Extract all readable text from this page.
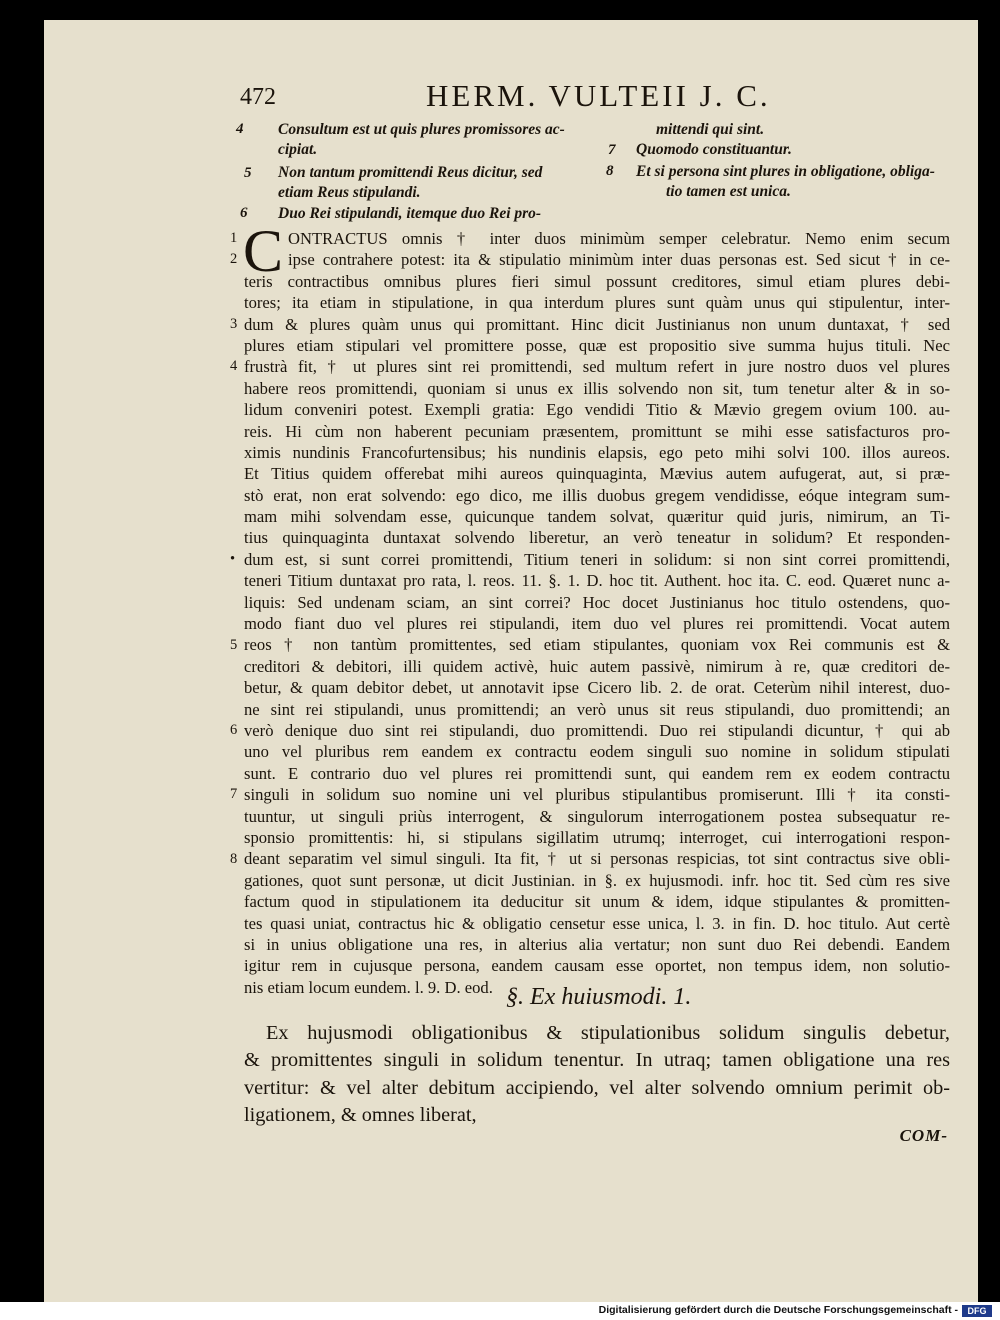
472	HERM. VULTEII J. C.
4 Consultum est ut quis plures promissores ac-
cipiat.
5 Non tantum promittendi Reus dicitur, sed
etiam Reus stipulandi.
6 Duo Rei stipulandi, itemque duo Rei pro-
mittendi qui sint.
7 Quomodo constituantur.
8 Et si persona sint plures in obligatione, obliga-
tio tamen est unica.
C
1
2
3
4
•
5
6
7
8
ONTRACTUS omnis † inter duos minimùm semper celebratur. Nemo enim secum
ipse contrahere potest: ita & stipulatio minimùm inter duas personas est. Sed sicut † in ce-
teris contractibus omnibus plures fieri simul possunt creditores, simul etiam plures debi-
tores; ita etiam in stipulatione, in qua interdum plures sunt quàm unus qui stipulentur, inter-
dum & plures quàm unus qui promittant. Hinc dicit Justinianus non unum duntaxat, † sed
plures etiam stipulari vel promittere posse, quæ est propositio sive summa hujus tituli. Nec
frustrà fit, † ut plures sint rei promittendi, sed multum refert in jure nostro duos vel plures
habere reos promittendi, quoniam si unus ex illis solvendo non sit, tum tenetur alter & in so-
lidum conveniri potest. Exempli gratia: Ego vendidi Titio & Mævio gregem ovium 100. au-
reis. Hi cùm non haberent pecuniam præsentem, promittunt se mihi esse satisfacturos pro-
ximis nundinis Francofurtensibus; his nundinis elapsis, ego peto mihi solvi 100. illos aureos.
Et Titius quidem offerebat mihi aureos quinquaginta, Mævius autem aufugerat, aut, si præ-
stò erat, non erat solvendo: ego dico, me illis duobus gregem vendidisse, eóque integram sum-
mam mihi solvendam esse, quicunque tandem solvat, quæritur quid juris, nimirum, an Ti-
tius quinquaginta duntaxat solvendo liberetur, an verò teneatur in solidum? Et responden-
dum est, si sunt correi promittendi, Titium teneri in solidum: si non sint correi promittendi,
teneri Titium duntaxat pro rata, l. reos. 11. §. 1. D. hoc tit. Authent. hoc ita. C. eod. Quæret nunc a-
liquis: Sed undenam sciam, an sint correi? Hoc docet Justinianus hoc titulo ostendens, quo-
modo fiant duo vel plures rei stipulandi, item duo vel plures rei promittendi. Vocat autem
reos † non tantùm promittentes, sed etiam stipulantes, quoniam vox Rei communis est &
creditori & debitori, illi quidem activè, huic autem passivè, nimirum à re, quæ creditori de-
betur, & quam debitor debet, ut annotavit ipse Cicero lib. 2. de orat. Ceterùm nihil interest, duo-
ne sint rei stipulandi, unus promittendi; an verò unus sit reus stipulandi, duo promittendi; an
verò denique duo sint rei stipulandi, duo promittendi. Duo rei stipulandi dicuntur, † qui ab
uno vel pluribus rem eandem ex contractu eodem singuli suo nomine in solidum stipulati
sunt. E contrario duo vel plures rei promittendi sunt, qui eandem rem ex eodem contractu
singuli in solidum suo nomine uni vel pluribus stipulantibus promiserunt. Illi † ita consti-
tuuntur, ut singuli priùs interrogent, & singulorum interrogationem postea subsequatur re-
sponsio promittentis: hi, si stipulans sigillatim utrumq; interroget, cui interrogationi respon-
deant separatim vel simul singuli. Ita fit, † ut si personas respicias, tot sint contractus sive obli-
gationes, quot sunt personæ, ut dicit Justinian. in §. ex hujusmodi. infr. hoc tit. Sed cùm res sive
factum quod in stipulationem ita deducitur sit unum & idem, idque stipulantes & promitten-
tes quasi uniat, contractus hic & obligatio censetur esse unica, l. 3. in fin. D. hoc titulo. Aut certè
si in unius obligatione una res, in alterius alia vertatur; non sunt duo Rei debendi. Eandem
igitur rem in cujusque persona, eandem causam esse oportet, non tempus idem, non solutio-
nis etiam locum eundem. l. 9. D. eod. §. Ex huiusmodi. 1.
Ex hujusmodi obligationibus & stipulationibus solidum singulis debetur,
& promittentes singuli in solidum tenentur. In utraq; tamen obligatione una res
vertitur: & vel alter debitum accipiendo, vel alter solvendo omnium perimit ob-
ligationem, & omnes liberat,
COM-
Digitalisierung gefördert durch die Deutsche Forschungsgemeinschaft -	DFG
